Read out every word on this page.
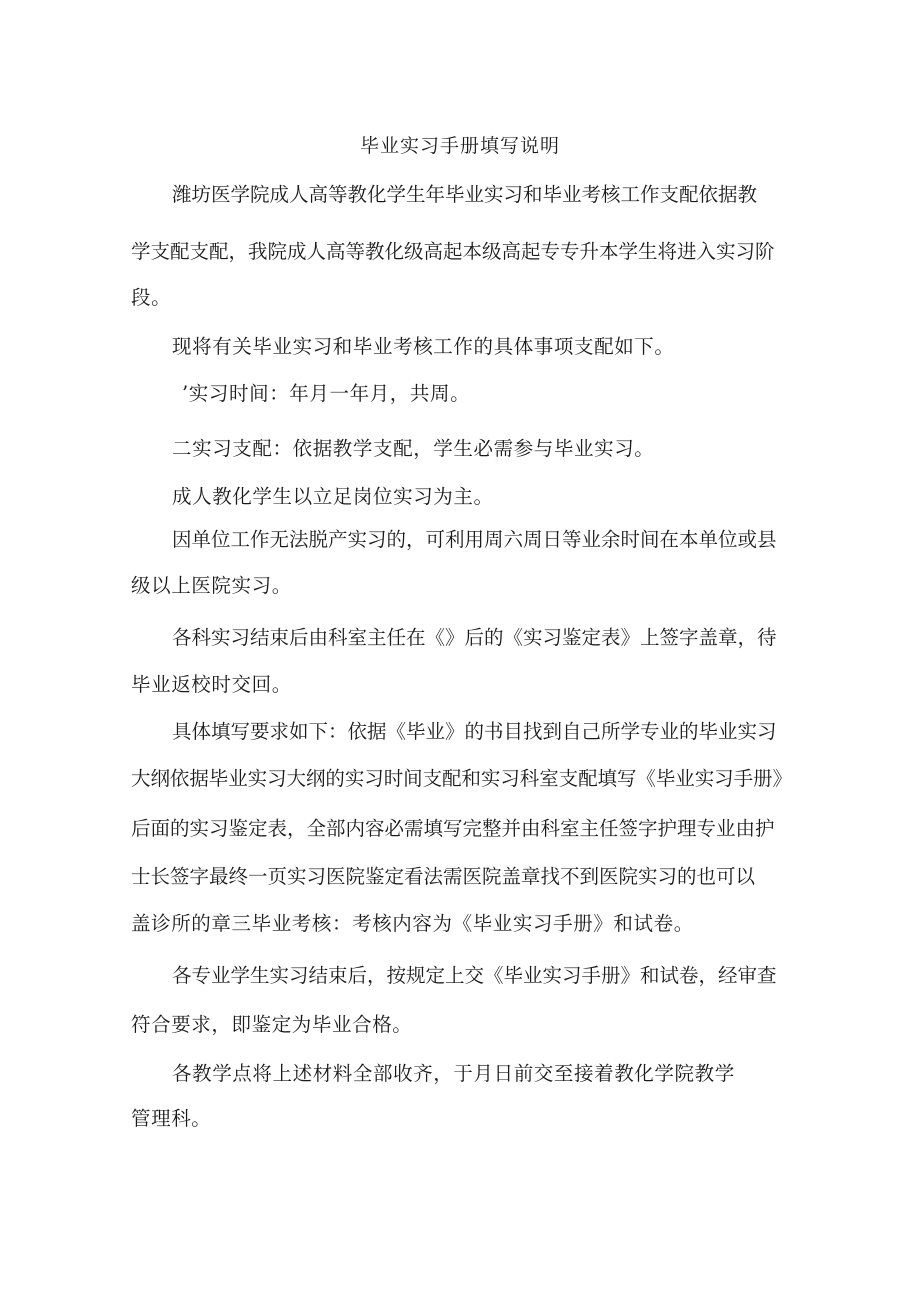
毕业实习手册填写说明
潍坊医学院成人高等教化学生年毕业实习和毕业考核工作支配依据教
学支配支配，我院成人高等教化级高起本级高起专专升本学生将进入实习阶
段。
现将有关毕业实习和毕业考核工作的具体事项支配如下。
’实习时间：年月一年月，共周。
二实习支配：依据教学支配，学生必需参与毕业实习。
成人教化学生以立足岗位实习为主。
因单位工作无法脱产实习的，可利用周六周日等业余时间在本单位或县
级以上医院实习。
各科实习结束后由科室主任在《》后的《实习鉴定表》上签字盖章，待
毕业返校时交回。
具体填写要求如下：依据《毕业》的书目找到自己所学专业的毕业实习
大纲依据毕业实习大纲的实习时间支配和实习科室支配填写《毕业实习手册》
后面的实习鉴定表，全部内容必需填写完整并由科室主任签字护理专业由护
士长签字最终一页实习医院鉴定看法需医院盖章找不到医院实习的也可以
盖诊所的章三毕业考核：考核内容为《毕业实习手册》和试卷。
各专业学生实习结束后，按规定上交《毕业实习手册》和试卷，经审查
符合要求，即鉴定为毕业合格。
各教学点将上述材料全部收齐，于月日前交至接着教化学院教学
管理科。
